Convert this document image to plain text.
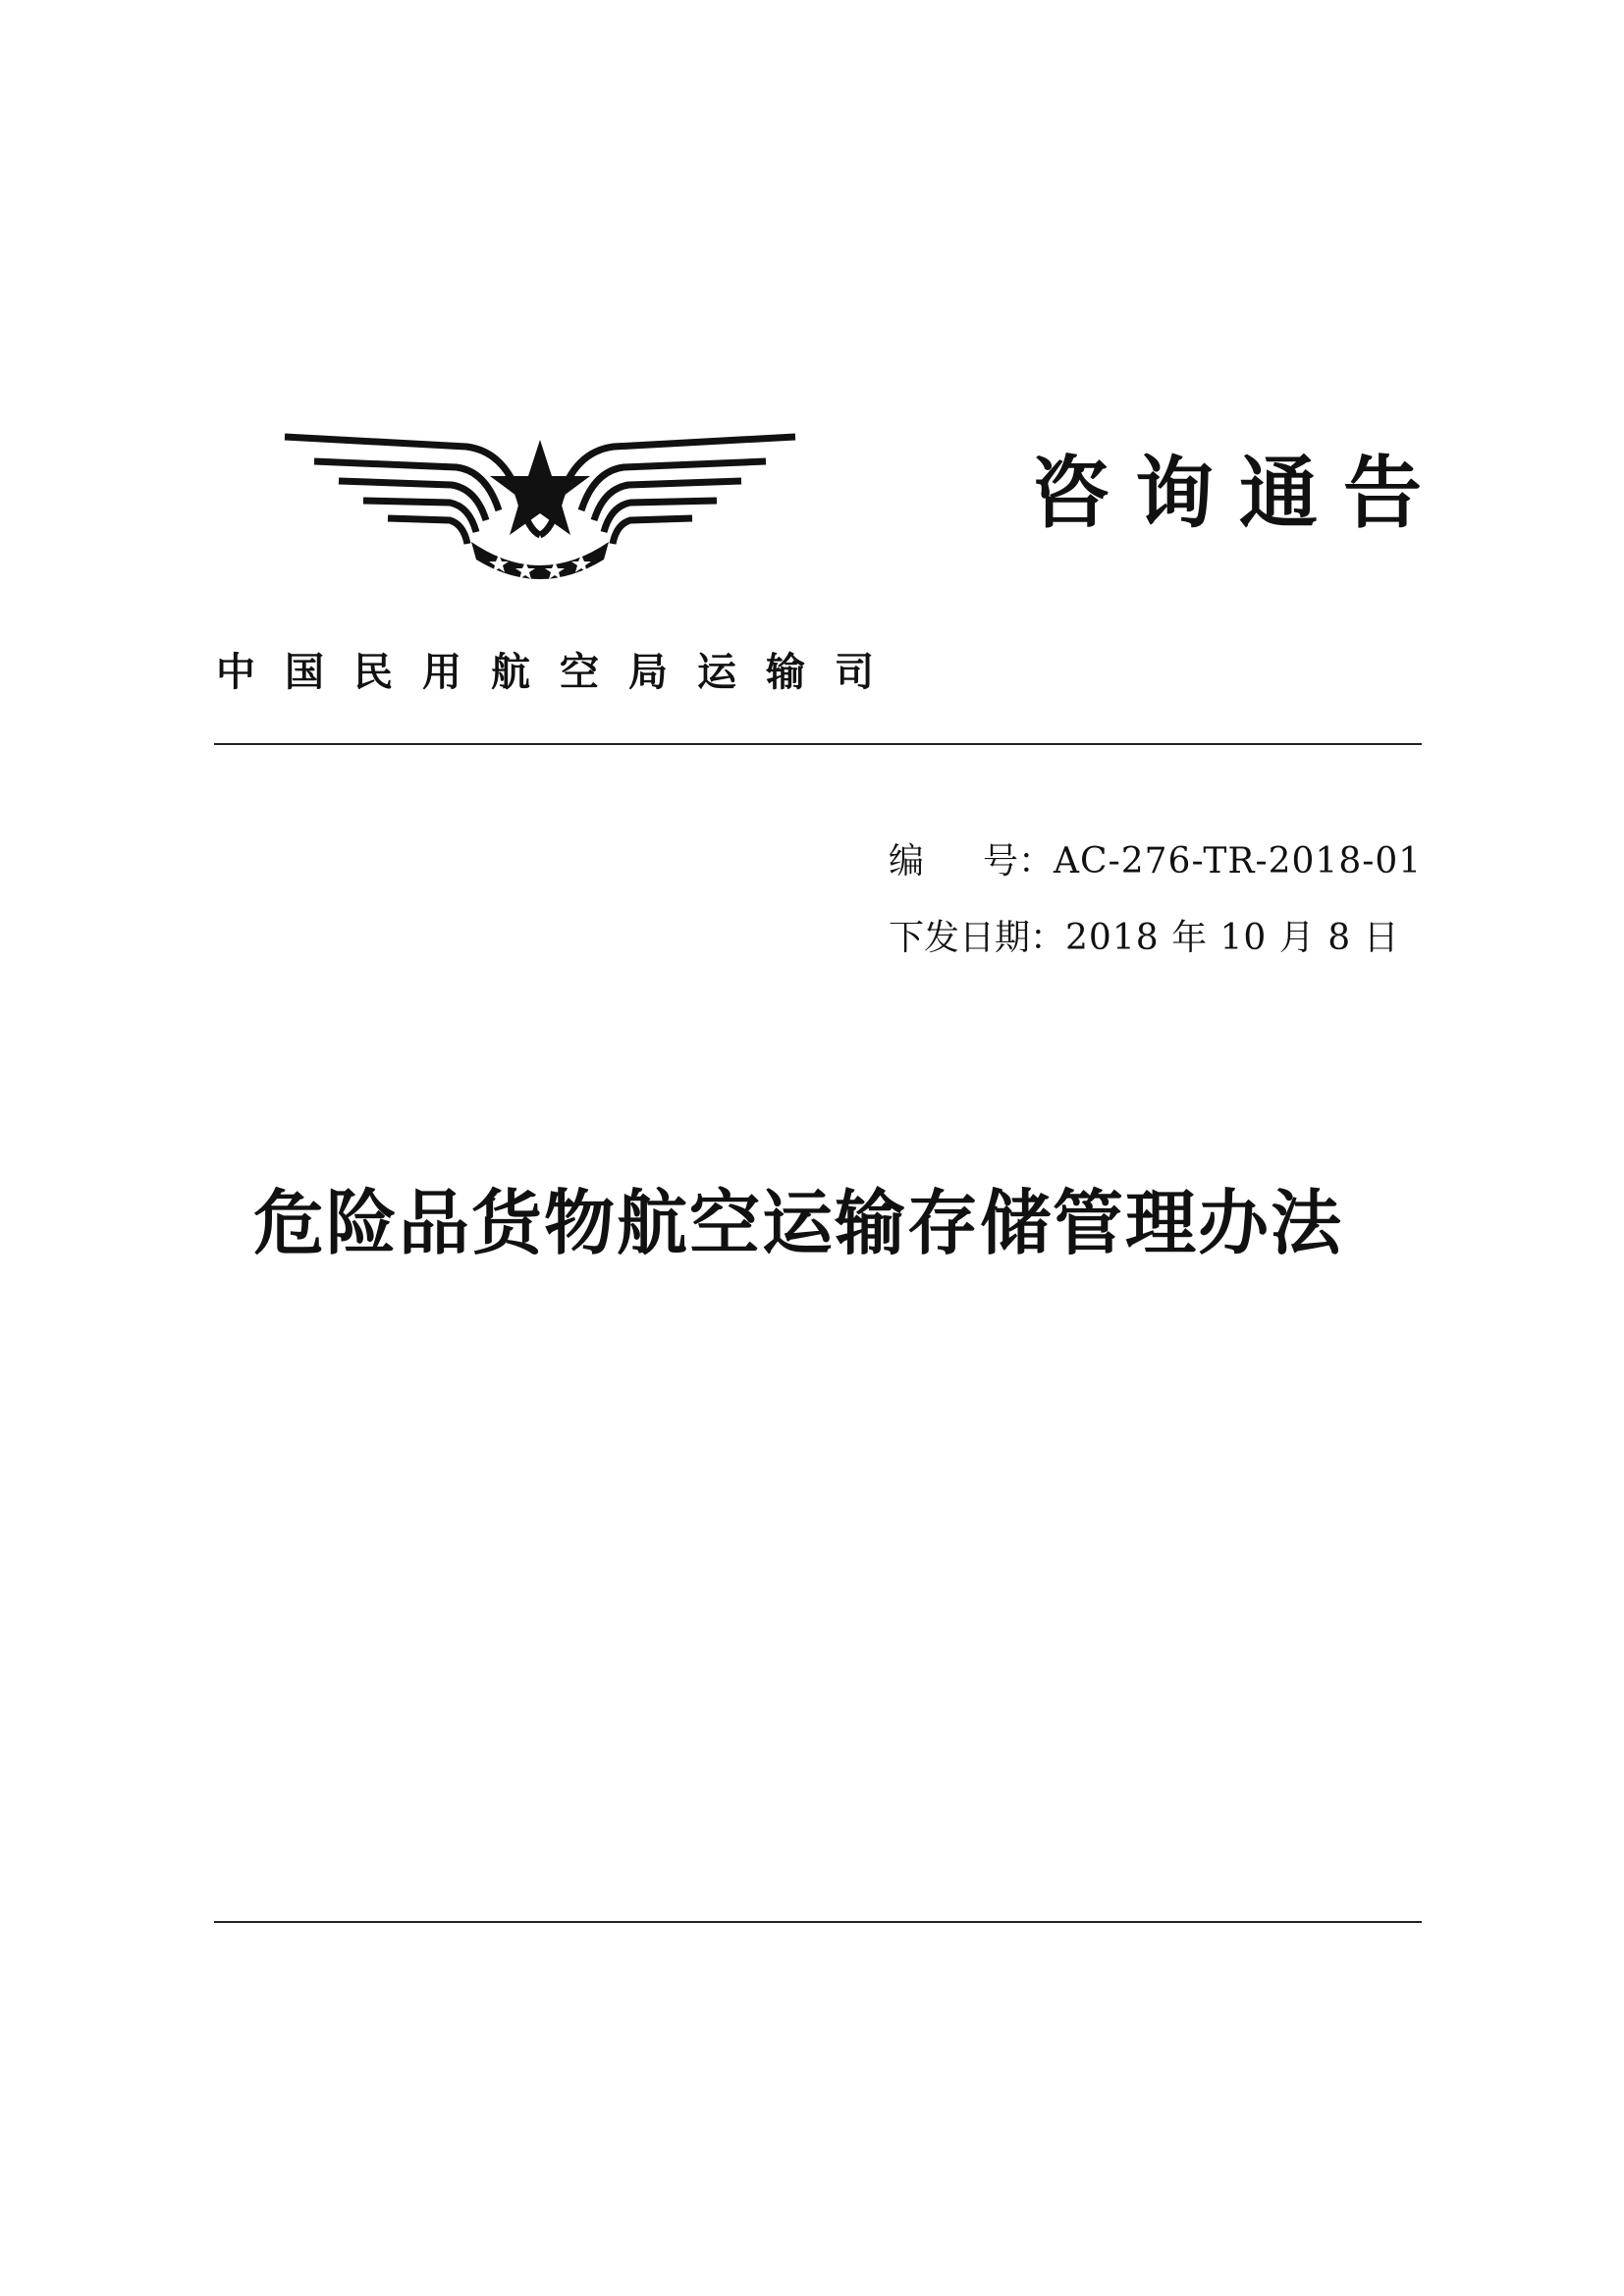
咨询通告
中国民用航空局运输司
编号：AC-276-TR-2018-01
下发日期：2018 年 10 月 8 日
危险品货物航空运输存储管理办法
